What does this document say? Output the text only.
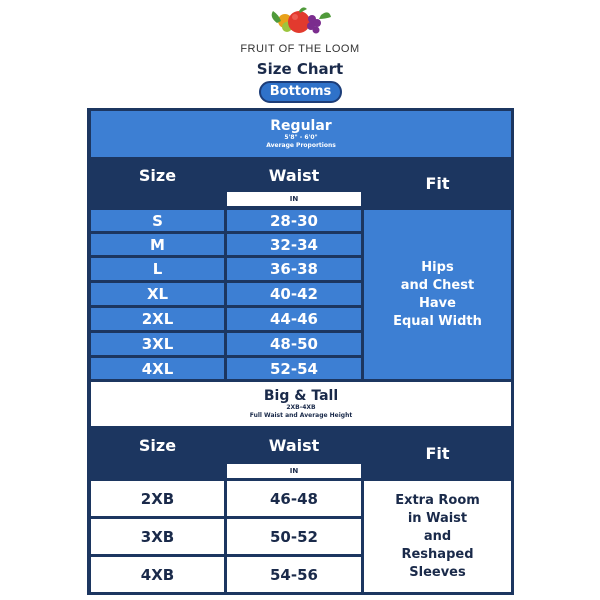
FRUIT OF THE LOOM
Size Chart
Bottoms
Regular
5'8" - 6'0"
Average Proportions
Size	Waist
IN
Fit
S	28-30
M	32-34
L	36-38
XL	40-42
2XL	44-46
3XL	48-50
4XL	52-54
Hips
and Chest
Have
Equal Width
Big & Tall
2XB-4XB
Full Waist and Average Height
Size	Waist
IN
Fit
2XB	46-48
3XB	50-52
4XB	54-56
Extra Room
in Waist
and
Reshaped
Sleeves
